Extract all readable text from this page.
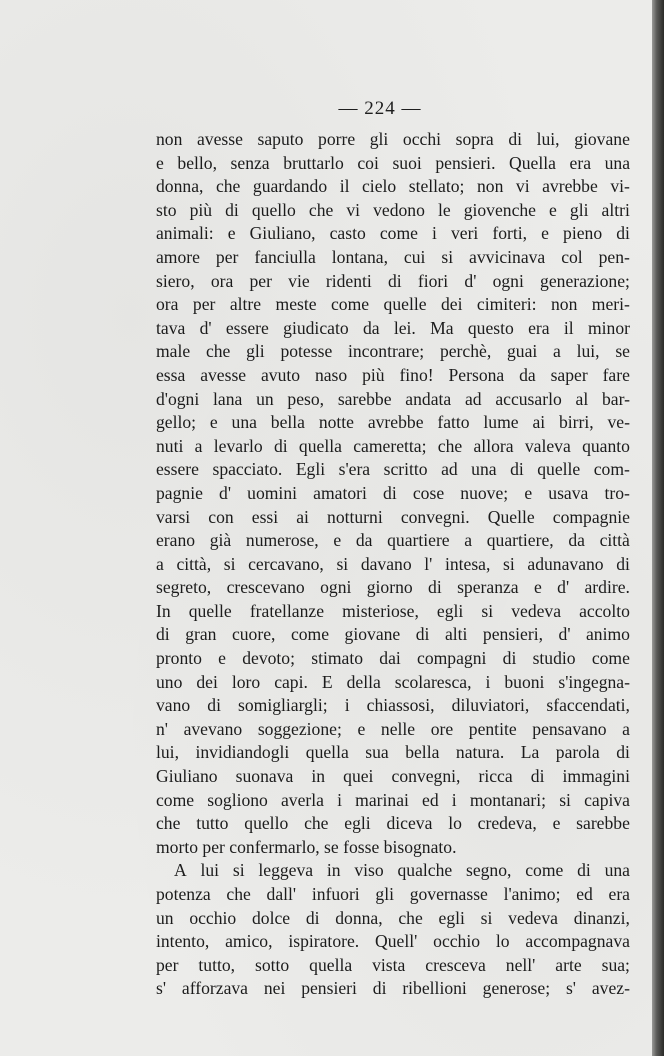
— 224 —
non avesse saputo porre gli occhi sopra di lui, giovane
e bello, senza bruttarlo coi suoi pensieri. Quella era una
donna, che guardando il cielo stellato; non vi avrebbe vi-
sto più di quello che vi vedono le giovenche e gli altri
animali: e Giuliano, casto come i veri forti, e pieno di
amore per fanciulla lontana, cui si avvicinava col pen-
siero, ora per vie ridenti di fiori d' ogni generazione;
ora per altre meste come quelle dei cimiteri: non meri-
tava d' essere giudicato da lei. Ma questo era il minor
male che gli potesse incontrare; perchè, guai a lui, se
essa avesse avuto naso più fino! Persona da saper fare
d'ogni lana un peso, sarebbe andata ad accusarlo al bar-
gello; e una bella notte avrebbe fatto lume ai birri, ve-
nuti a levarlo di quella cameretta; che allora valeva quanto
essere spacciato. Egli s'era scritto ad una di quelle com-
pagnie d' uomini amatori di cose nuove; e usava tro-
varsi con essi ai notturni convegni. Quelle compagnie
erano già numerose, e da quartiere a quartiere, da città
a città, si cercavano, si davano l' intesa, si adunavano di
segreto, crescevano ogni giorno di speranza e d' ardire.
In quelle fratellanze misteriose, egli si vedeva accolto
di gran cuore, come giovane di alti pensieri, d' animo
pronto e devoto; stimato dai compagni di studio come
uno dei loro capi. E della scolaresca, i buoni s'ingegna-
vano di somigliargli; i chiassosi, diluviatori, sfaccendati,
n' avevano soggezione; e nelle ore pentite pensavano a
lui, invidiandogli quella sua bella natura. La parola di
Giuliano suonava in quei convegni, ricca di immagini
come sogliono averla i marinai ed i montanari; si capiva
che tutto quello che egli diceva lo credeva, e sarebbe
morto per confermarlo, se fosse bisognato.
A lui si leggeva in viso qualche segno, come di una
potenza che dall' infuori gli governasse l'animo; ed era
un occhio dolce di donna, che egli si vedeva dinanzi,
intento, amico, ispiratore. Quell' occhio lo accompagnava
per tutto, sotto quella vista cresceva nell' arte sua;
s' afforzava nei pensieri di ribellioni generose; s' avez-
